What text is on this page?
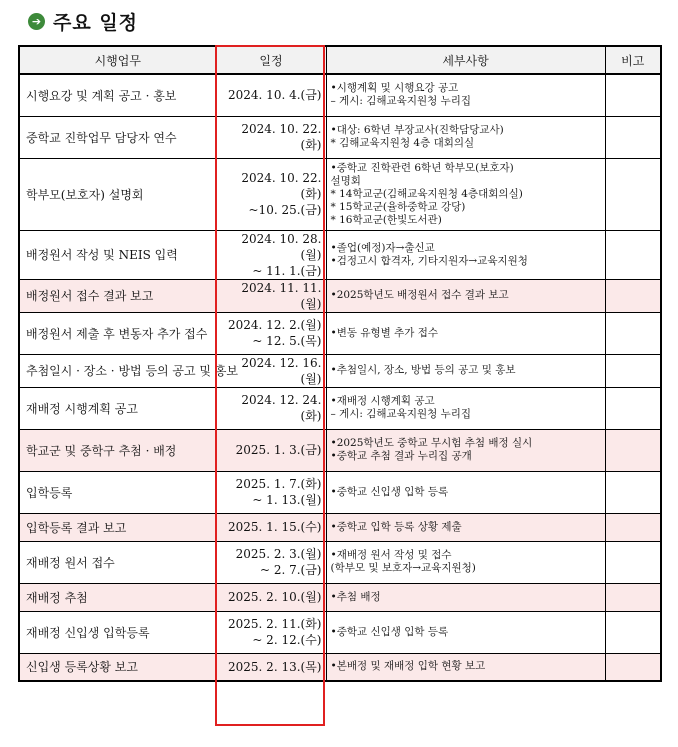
➔ 주요 일정
시행업무	일정	세부사항	비고
시행요강 및 계획 공고 · 홍보	2024. 10. 4.(금)	•시행계획 및 시행요강 공고
– 게시: 김해교육지원청 누리집	
중학교 진학업무 담당자 연수	2024. 10. 22.(화)	•대상: 6학년 부장교사(진학담당교사)
* 김해교육지원청 4층 대회의실	
학부모(보호자) 설명회	2024. 10. 22.(화)
~10. 25.(금)	•중학교 진학관련 6학년 학부모(보호자)
설명회
* 14학교군(김해교육지원청 4층대회의실)
* 15학교군(율하중학교 강당)
* 16학교군(한빛도서관)	
배정원서 작성 및 NEIS 입력	2024. 10. 28.(월)
~ 11. 1.(금)	•졸업(예정)자→출신교
•검정고시 합격자, 기타지원자→교육지원청	
배정원서 접수 결과 보고	2024. 11. 11.(월)	•2025학년도 배정원서 접수 결과 보고	
배정원서 제출 후 변동자 추가 접수	2024. 12. 2.(월)
~ 12. 5.(목)	•변동 유형별 추가 접수	
추첨일시 · 장소 · 방법 등의 공고 및 홍보	2024. 12. 16.(월)	•추첨일시, 장소, 방법 등의 공고 및 홍보	
재배정 시행계획 공고	2024. 12. 24.(화)	•재배정 시행계획 공고
– 게시: 김해교육지원청 누리집	
학교군 및 중학구 추첨 · 배정	2025. 1. 3.(금)	•2025학년도 중학교 무시험 추첨 배정 실시
•중학교 추첨 결과 누리집 공개	
입학등록	2025. 1. 7.(화)
~ 1. 13.(월)	•중학교 신입생 입학 등록	
입학등록 결과 보고	2025. 1. 15.(수)	•중학교 입학 등록 상황 제출	
재배정 원서 접수	2025. 2. 3.(월)
~ 2. 7.(금)	•재배정 원서 작성 및 접수
(학부모 및 보호자→교육지원청)	
재배정 추첨	2025. 2. 10.(월)	•추첨 배정	
재배정 신입생 입학등록	2025. 2. 11.(화)
~ 2. 12.(수)	•중학교 신입생 입학 등록	
신입생 등록상황 보고	2025. 2. 13.(목)	•본배정 및 재배정 입학 현황 보고	
